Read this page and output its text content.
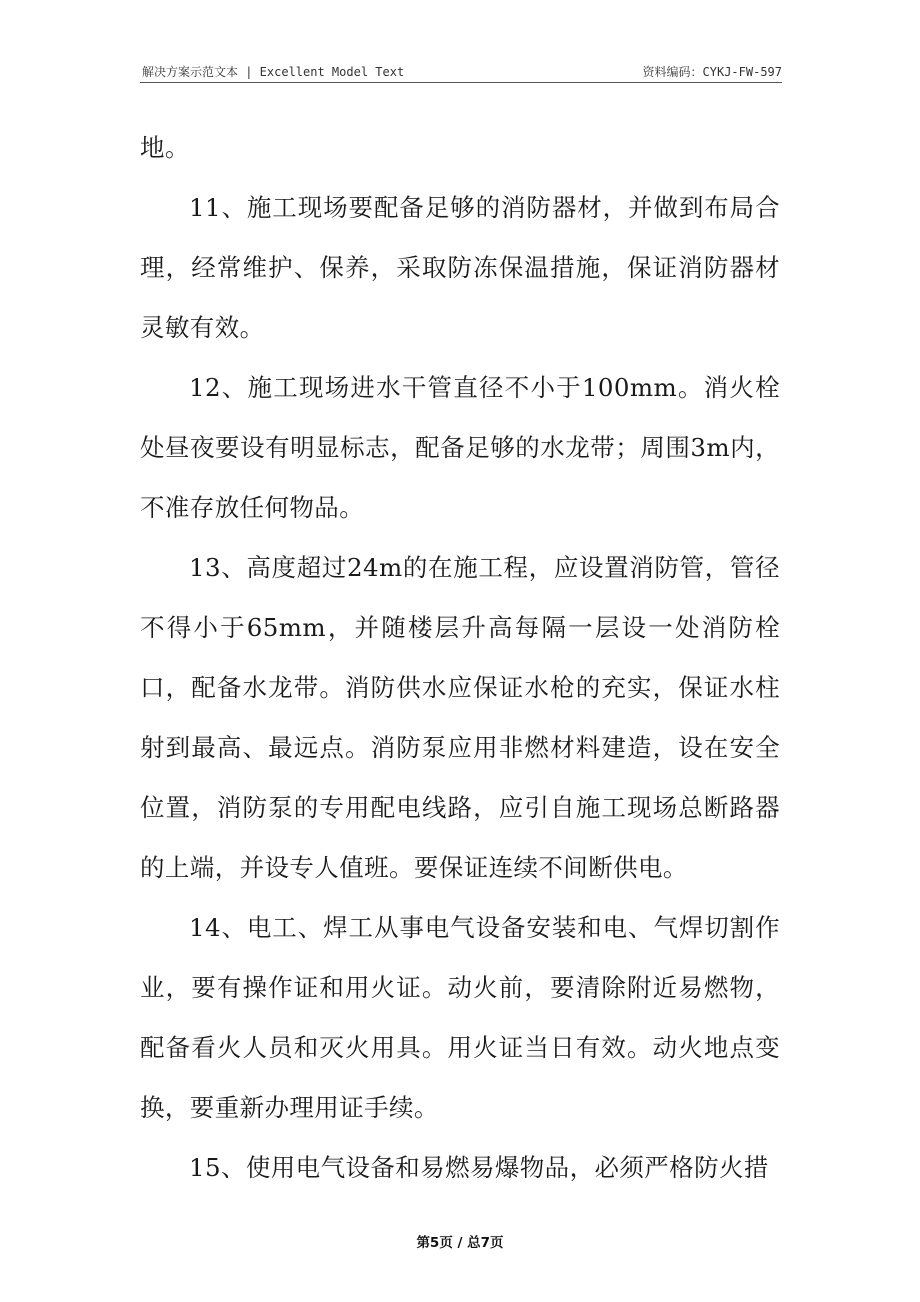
解决方案示范文本 | Excellent Model Text	资料编码：CYKJ-FW-597

地。

11、施工现场要配备足够的消防器材，并做到布局合理，经常维护、保养，采取防冻保温措施，保证消防器材灵敏有效。

12、施工现场进水干管直径不小于100mm。消火栓处昼夜要设有明显标志，配备足够的水龙带；周围3m内，不准存放任何物品。

13、高度超过24m的在施工程，应设置消防管，管径不得小于65mm，并随楼层升高每隔一层设一处消防栓口，配备水龙带。消防供水应保证水枪的充实，保证水柱射到最高、最远点。消防泵应用非燃材料建造，设在安全位置，消防泵的专用配电线路，应引自施工现场总断路器的上端，并设专人值班。要保证连续不间断供电。

14、电工、焊工从事电气设备安装和电、气焊切割作业，要有操作证和用火证。动火前，要清除附近易燃物，配备看火人员和灭火用具。用火证当日有效。动火地点变换，要重新办理用证手续。

15、使用电气设备和易燃易爆物品，必须严格防火措

第5页 / 总7页
